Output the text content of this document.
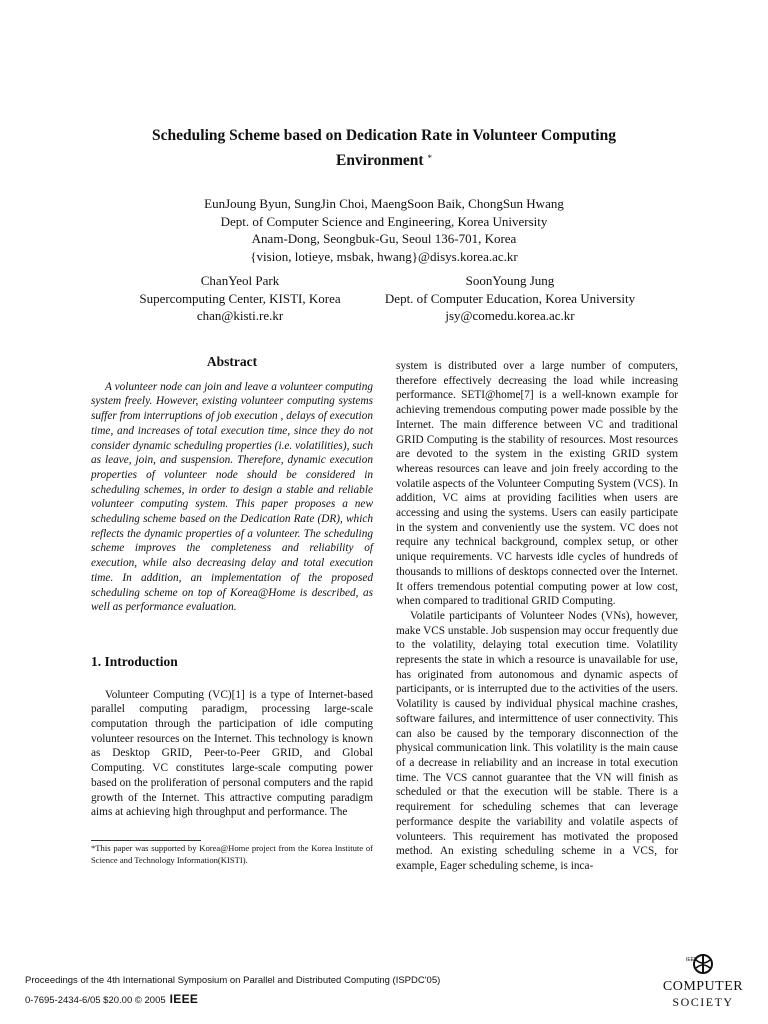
Scheduling Scheme based on Dedication Rate in Volunteer Computing
Environment *
EunJoung Byun, SungJin Choi, MaengSoon Baik, ChongSun Hwang
Dept. of Computer Science and Engineering, Korea University
Anam-Dong, Seongbuk-Gu, Seoul 136-701, Korea
{vision, lotieye, msbak, hwang}@disys.korea.ac.kr
ChanYeol Park
Supercomputing Center, KISTI, Korea
chan@kisti.re.kr
SoonYoung Jung
Dept. of Computer Education, Korea University
jsy@comedu.korea.ac.kr
Abstract

A volunteer node can join and leave a volunteer computing system freely. However, existing volunteer computing systems suffer from interruptions of job execution , delays of execution time, and increases of total execution time, since they do not consider dynamic scheduling properties (i.e. volatilities), such as leave, join, and suspension. Therefore, dynamic execution properties of volunteer node should be considered in scheduling schemes, in order to design a stable and reliable volunteer computing system. This paper proposes a new scheduling scheme based on the Dedication Rate (DR), which reflects the dynamic properties of a volunteer. The scheduling scheme improves the completeness and reliability of execution, while also decreasing delay and total execution time. In addition, an implementation of the proposed scheduling scheme on top of Korea@Home is described, as well as performance evaluation.

1. Introduction

Volunteer Computing (VC)[1] is a type of Internet-based parallel computing paradigm, processing large-scale computation through the participation of idle computing volunteer resources on the Internet. This technology is known as Desktop GRID, Peer-to-Peer GRID, and Global Computing. VC constitutes large-scale computing power based on the proliferation of personal computers and the rapid growth of the Internet. This attractive computing paradigm aims at achieving high throughput and performance. The

system is distributed over a large number of computers, therefore effectively decreasing the load while increasing performance. SETI@home[7] is a well-known example for achieving tremendous computing power made possible by the Internet. The main difference between VC and traditional GRID Computing is the stability of resources. Most resources are devoted to the system in the existing GRID system whereas resources can leave and join freely according to the volatile aspects of the Volunteer Computing System (VCS). In addition, VC aims at providing facilities when users are accessing and using the systems. Users can easily participate in the system and conveniently use the system. VC does not require any technical background, complex setup, or other unique requirements. VC harvests idle cycles of hundreds of thousands to millions of desktops connected over the Internet. It offers tremendous potential computing power at low cost, when compared to traditional GRID Computing.

Volatile participants of Volunteer Nodes (VNs), however, make VCS unstable. Job suspension may occur frequently due to the volatility, delaying total execution time. Volatility represents the state in which a resource is unavailable for use, has originated from autonomous and dynamic aspects of participants, or is interrupted due to the activities of the users. Volatility is caused by individual physical machine crashes, software failures, and intermittence of user connectivity. This can also be caused by the temporary disconnection of the physical communication link. This volatility is the main cause of a decrease in reliability and an increase in total execution time. The VCS cannot guarantee that the VN will finish as scheduled or that the execution will be stable. There is a requirement for scheduling schemes that can leverage performance despite the variability and volatile aspects of volunteers. This requirement has motivated the proposed method. An existing scheduling scheme in a VCS, for example, Eager scheduling scheme, is inca-

*This paper was supported by Korea@Home project from the Korea Institute of Science and Technology Information(KISTI).
Proceedings of the 4th International Symposium on Parallel and Distributed Computing (ISPDC'05)
0-7695-2434-6/05 $20.00 © 2005 IEEE
IEEE
COMPUTER
SOCIETY
